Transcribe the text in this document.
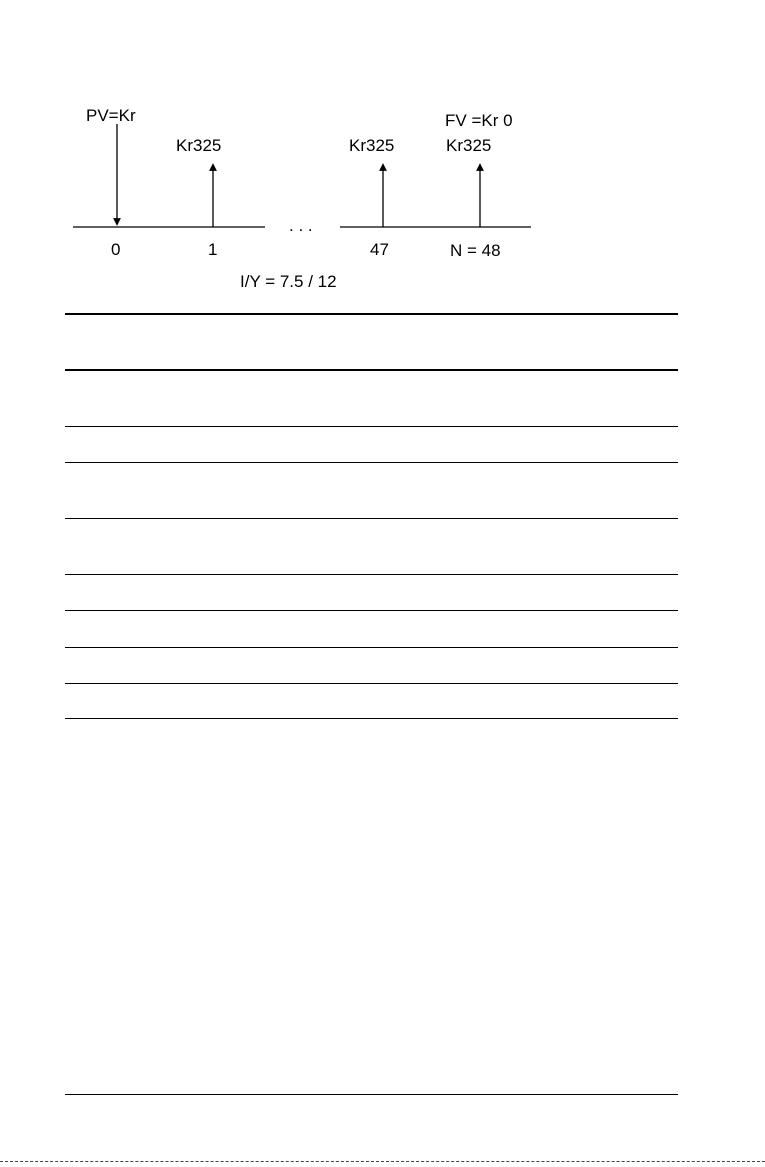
PV=Kr
Kr325	Kr325	Kr325
FV =Kr 0
. . .
0	1	47	N = 48
I/Y = 7.5 / 12
